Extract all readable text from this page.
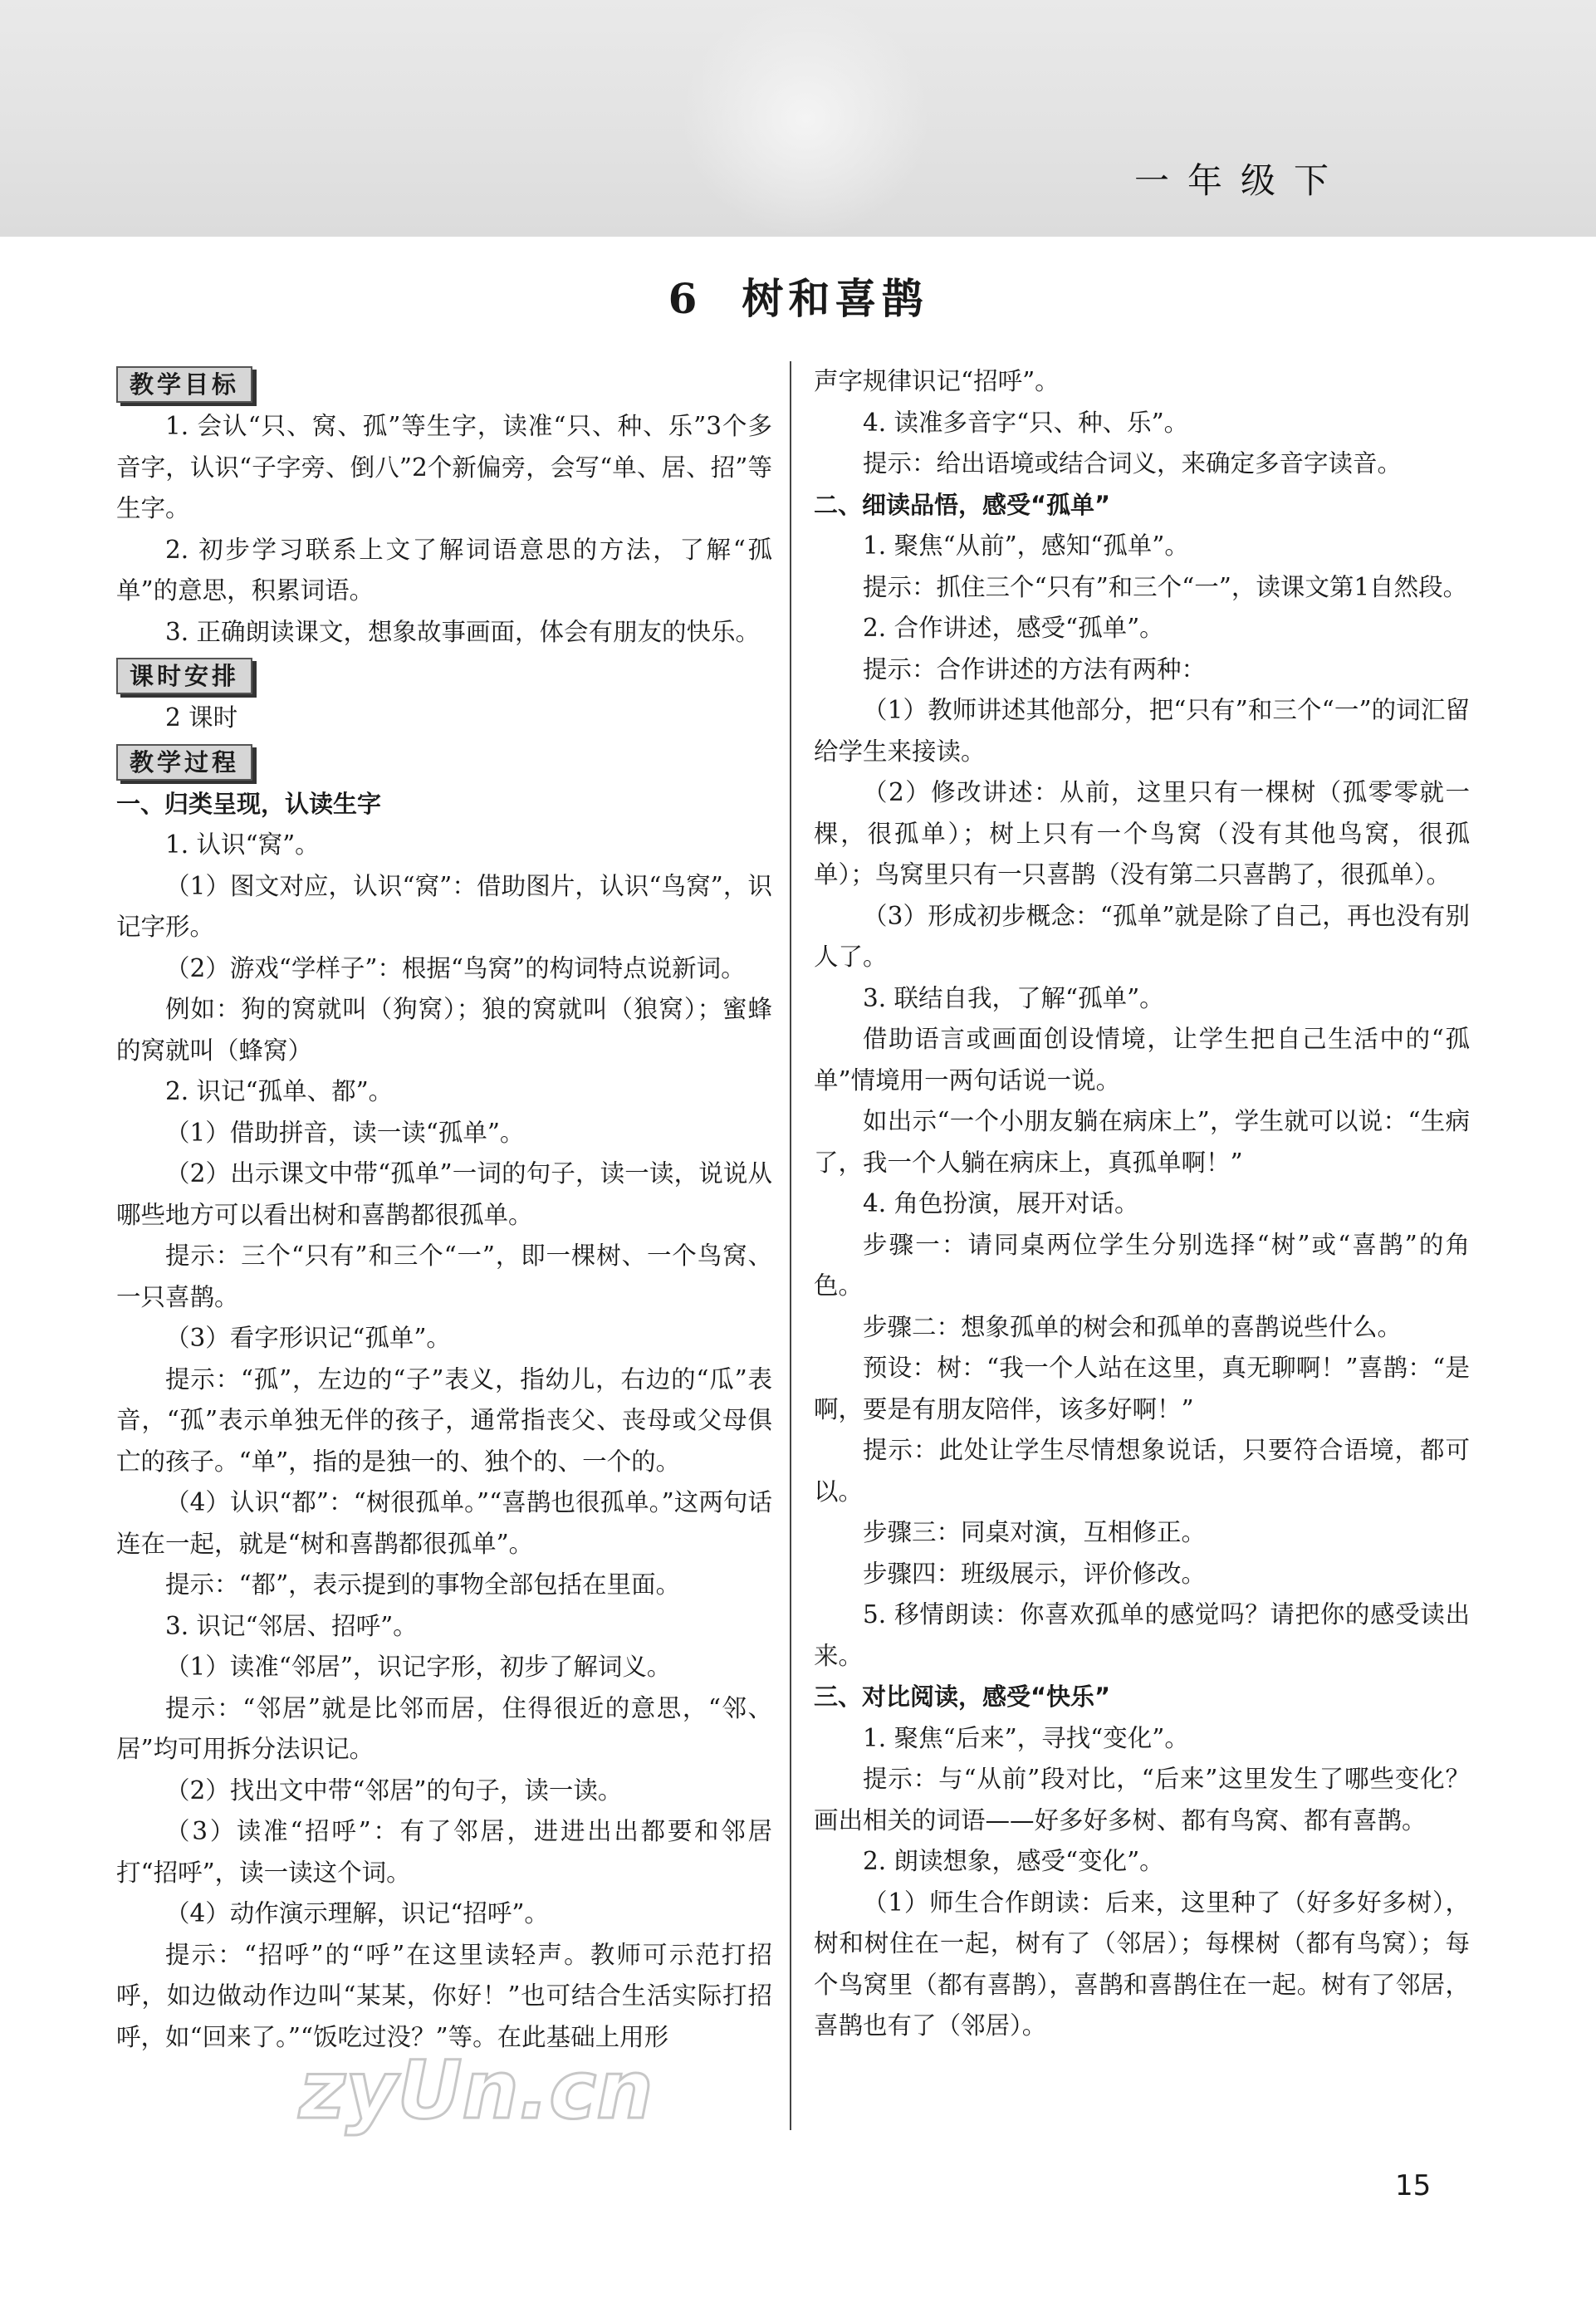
一年级下
6 树和喜鹊
教学目标

1. 会认“只、窝、孤”等生字，读准“只、种、乐”3个多音字，认识“子字旁、倒八”2个新偏旁，会写“单、居、招”等生字。

2. 初步学习联系上文了解词语意思的方法，了解“孤单”的意思，积累词语。

3. 正确朗读课文，想象故事画面，体会有朋友的快乐。

课时安排

2 课时

教学过程

一、归类呈现，认读生字

1. 认识“窝”。

（1）图文对应，认识“窝”：借助图片，认识“鸟窝”，识记字形。

（2）游戏“学样子”：根据“鸟窝”的构词特点说新词。

例如：狗的窝就叫（狗窝）；狼的窝就叫（狼窝）；蜜蜂的窝就叫（蜂窝）

2. 识记“孤单、都”。

（1）借助拼音，读一读“孤单”。

（2）出示课文中带“孤单”一词的句子，读一读，说说从哪些地方可以看出树和喜鹊都很孤单。

提示：三个“只有”和三个“一”，即一棵树、一个鸟窝、一只喜鹊。

（3）看字形识记“孤单”。

提示：“孤”，左边的“子”表义，指幼儿，右边的“瓜”表音，“孤”表示单独无伴的孩子，通常指丧父、丧母或父母俱亡的孩子。“单”，指的是独一的、独个的、一个的。

（4）认识“都”：“树很孤单。”“喜鹊也很孤单。”这两句话连在一起，就是“树和喜鹊都很孤单”。

提示：“都”，表示提到的事物全部包括在里面。

3. 识记“邻居、招呼”。

（1）读准“邻居”，识记字形，初步了解词义。

提示：“邻居”就是比邻而居，住得很近的意思，“邻、居”均可用拆分法识记。

（2）找出文中带“邻居”的句子，读一读。

（3）读准“招呼”：有了邻居，进进出出都要和邻居打“招呼”，读一读这个词。

（4）动作演示理解，识记“招呼”。

提示：“招呼”的“呼”在这里读轻声。教师可示范打招呼，如边做动作边叫“某某，你好！”也可结合生活实际打招呼，如“回来了。”“饭吃过没？”等。在此基础上用形

声字规律识记“招呼”。

4. 读准多音字“只、种、乐”。

提示：给出语境或结合词义，来确定多音字读音。

二、细读品悟，感受“孤单”

1. 聚焦“从前”，感知“孤单”。

提示：抓住三个“只有”和三个“一”，读课文第1自然段。

2. 合作讲述，感受“孤单”。

提示：合作讲述的方法有两种：

（1）教师讲述其他部分，把“只有”和三个“一”的词汇留给学生来接读。

（2）修改讲述：从前，这里只有一棵树（孤零零就一棵，很孤单）；树上只有一个鸟窝（没有其他鸟窝，很孤单）；鸟窝里只有一只喜鹊（没有第二只喜鹊了，很孤单）。

（3）形成初步概念：“孤单”就是除了自己，再也没有别人了。

3. 联结自我，了解“孤单”。

借助语言或画面创设情境，让学生把自己生活中的“孤单”情境用一两句话说一说。

如出示“一个小朋友躺在病床上”，学生就可以说：“生病了，我一个人躺在病床上，真孤单啊！”

4. 角色扮演，展开对话。

步骤一：请同桌两位学生分别选择“树”或“喜鹊”的角色。

步骤二：想象孤单的树会和孤单的喜鹊说些什么。

预设：树：“我一个人站在这里，真无聊啊！”喜鹊：“是啊，要是有朋友陪伴，该多好啊！”

提示：此处让学生尽情想象说话，只要符合语境，都可以。

步骤三：同桌对演，互相修正。

步骤四：班级展示，评价修改。

5. 移情朗读：你喜欢孤单的感觉吗？请把你的感受读出来。

三、对比阅读，感受“快乐”

1. 聚焦“后来”，寻找“变化”。

提示：与“从前”段对比，“后来”这里发生了哪些变化？画出相关的词语——好多好多树、都有鸟窝、都有喜鹊。

2. 朗读想象，感受“变化”。

（1）师生合作朗读：后来，这里种了（好多好多树），树和树住在一起，树有了（邻居）；每棵树（都有鸟窝）；每个鸟窝里（都有喜鹊），喜鹊和喜鹊住在一起。树有了邻居，喜鹊也有了（邻居）。

zyUn.cn
15
